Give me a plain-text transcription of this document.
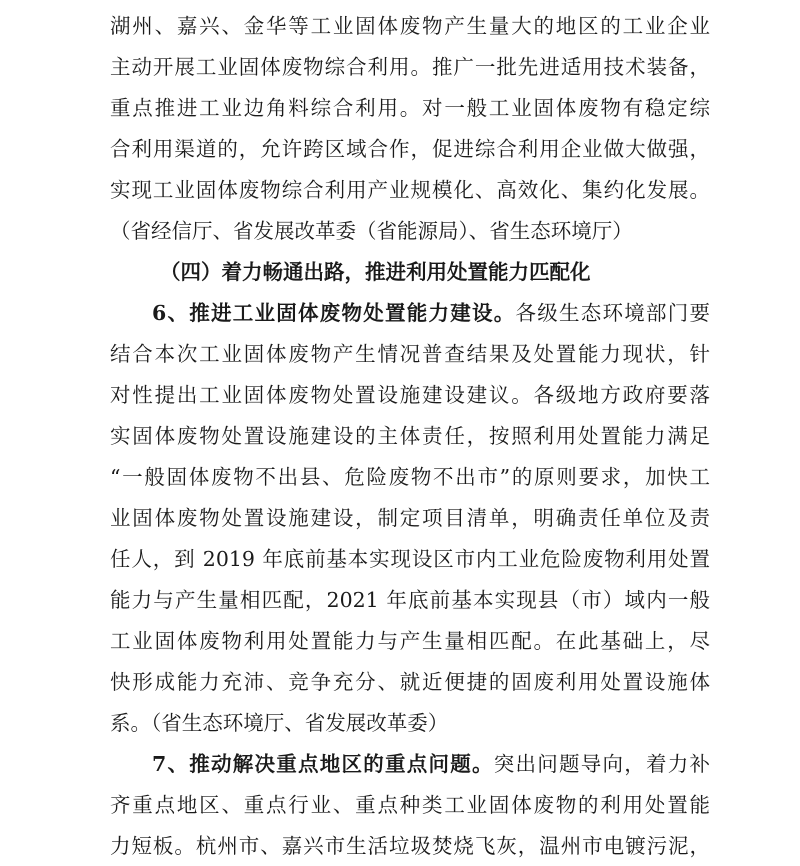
湖州、嘉兴、金华等工业固体废物产生量大的地区的工业企业
主动开展工业固体废物综合利用。推广一批先进适用技术装备，
重点推进工业边角料综合利用。对一般工业固体废物有稳定综
合利用渠道的，允许跨区域合作，促进综合利用企业做大做强，
实现工业固体废物综合利用产业规模化、高效化、集约化发展。
（省经信厅、省发展改革委（省能源局）、省生态环境厅）
（四）着力畅通出路，推进利用处置能力匹配化
6、推进工业固体废物处置能力建设。各级生态环境部门要
结合本次工业固体废物产生情况普查结果及处置能力现状，针
对性提出工业固体废物处置设施建设建议。各级地方政府要落
实固体废物处置设施建设的主体责任，按照利用处置能力满足
“一般固体废物不出县、危险废物不出市”的原则要求，加快工
业固体废物处置设施建设，制定项目清单，明确责任单位及责
任人，到 2019 年底前基本实现设区市内工业危险废物利用处置
能力与产生量相匹配，2021 年底前基本实现县（市）域内一般
工业固体废物利用处置能力与产生量相匹配。在此基础上，尽
快形成能力充沛、竞争充分、就近便捷的固废利用处置设施体
系。（省生态环境厅、省发展改革委）
7、推动解决重点地区的重点问题。突出问题导向，着力补
齐重点地区、重点行业、重点种类工业固体废物的利用处置能
力短板。杭州市、嘉兴市生活垃圾焚烧飞灰，温州市电镀污泥，
